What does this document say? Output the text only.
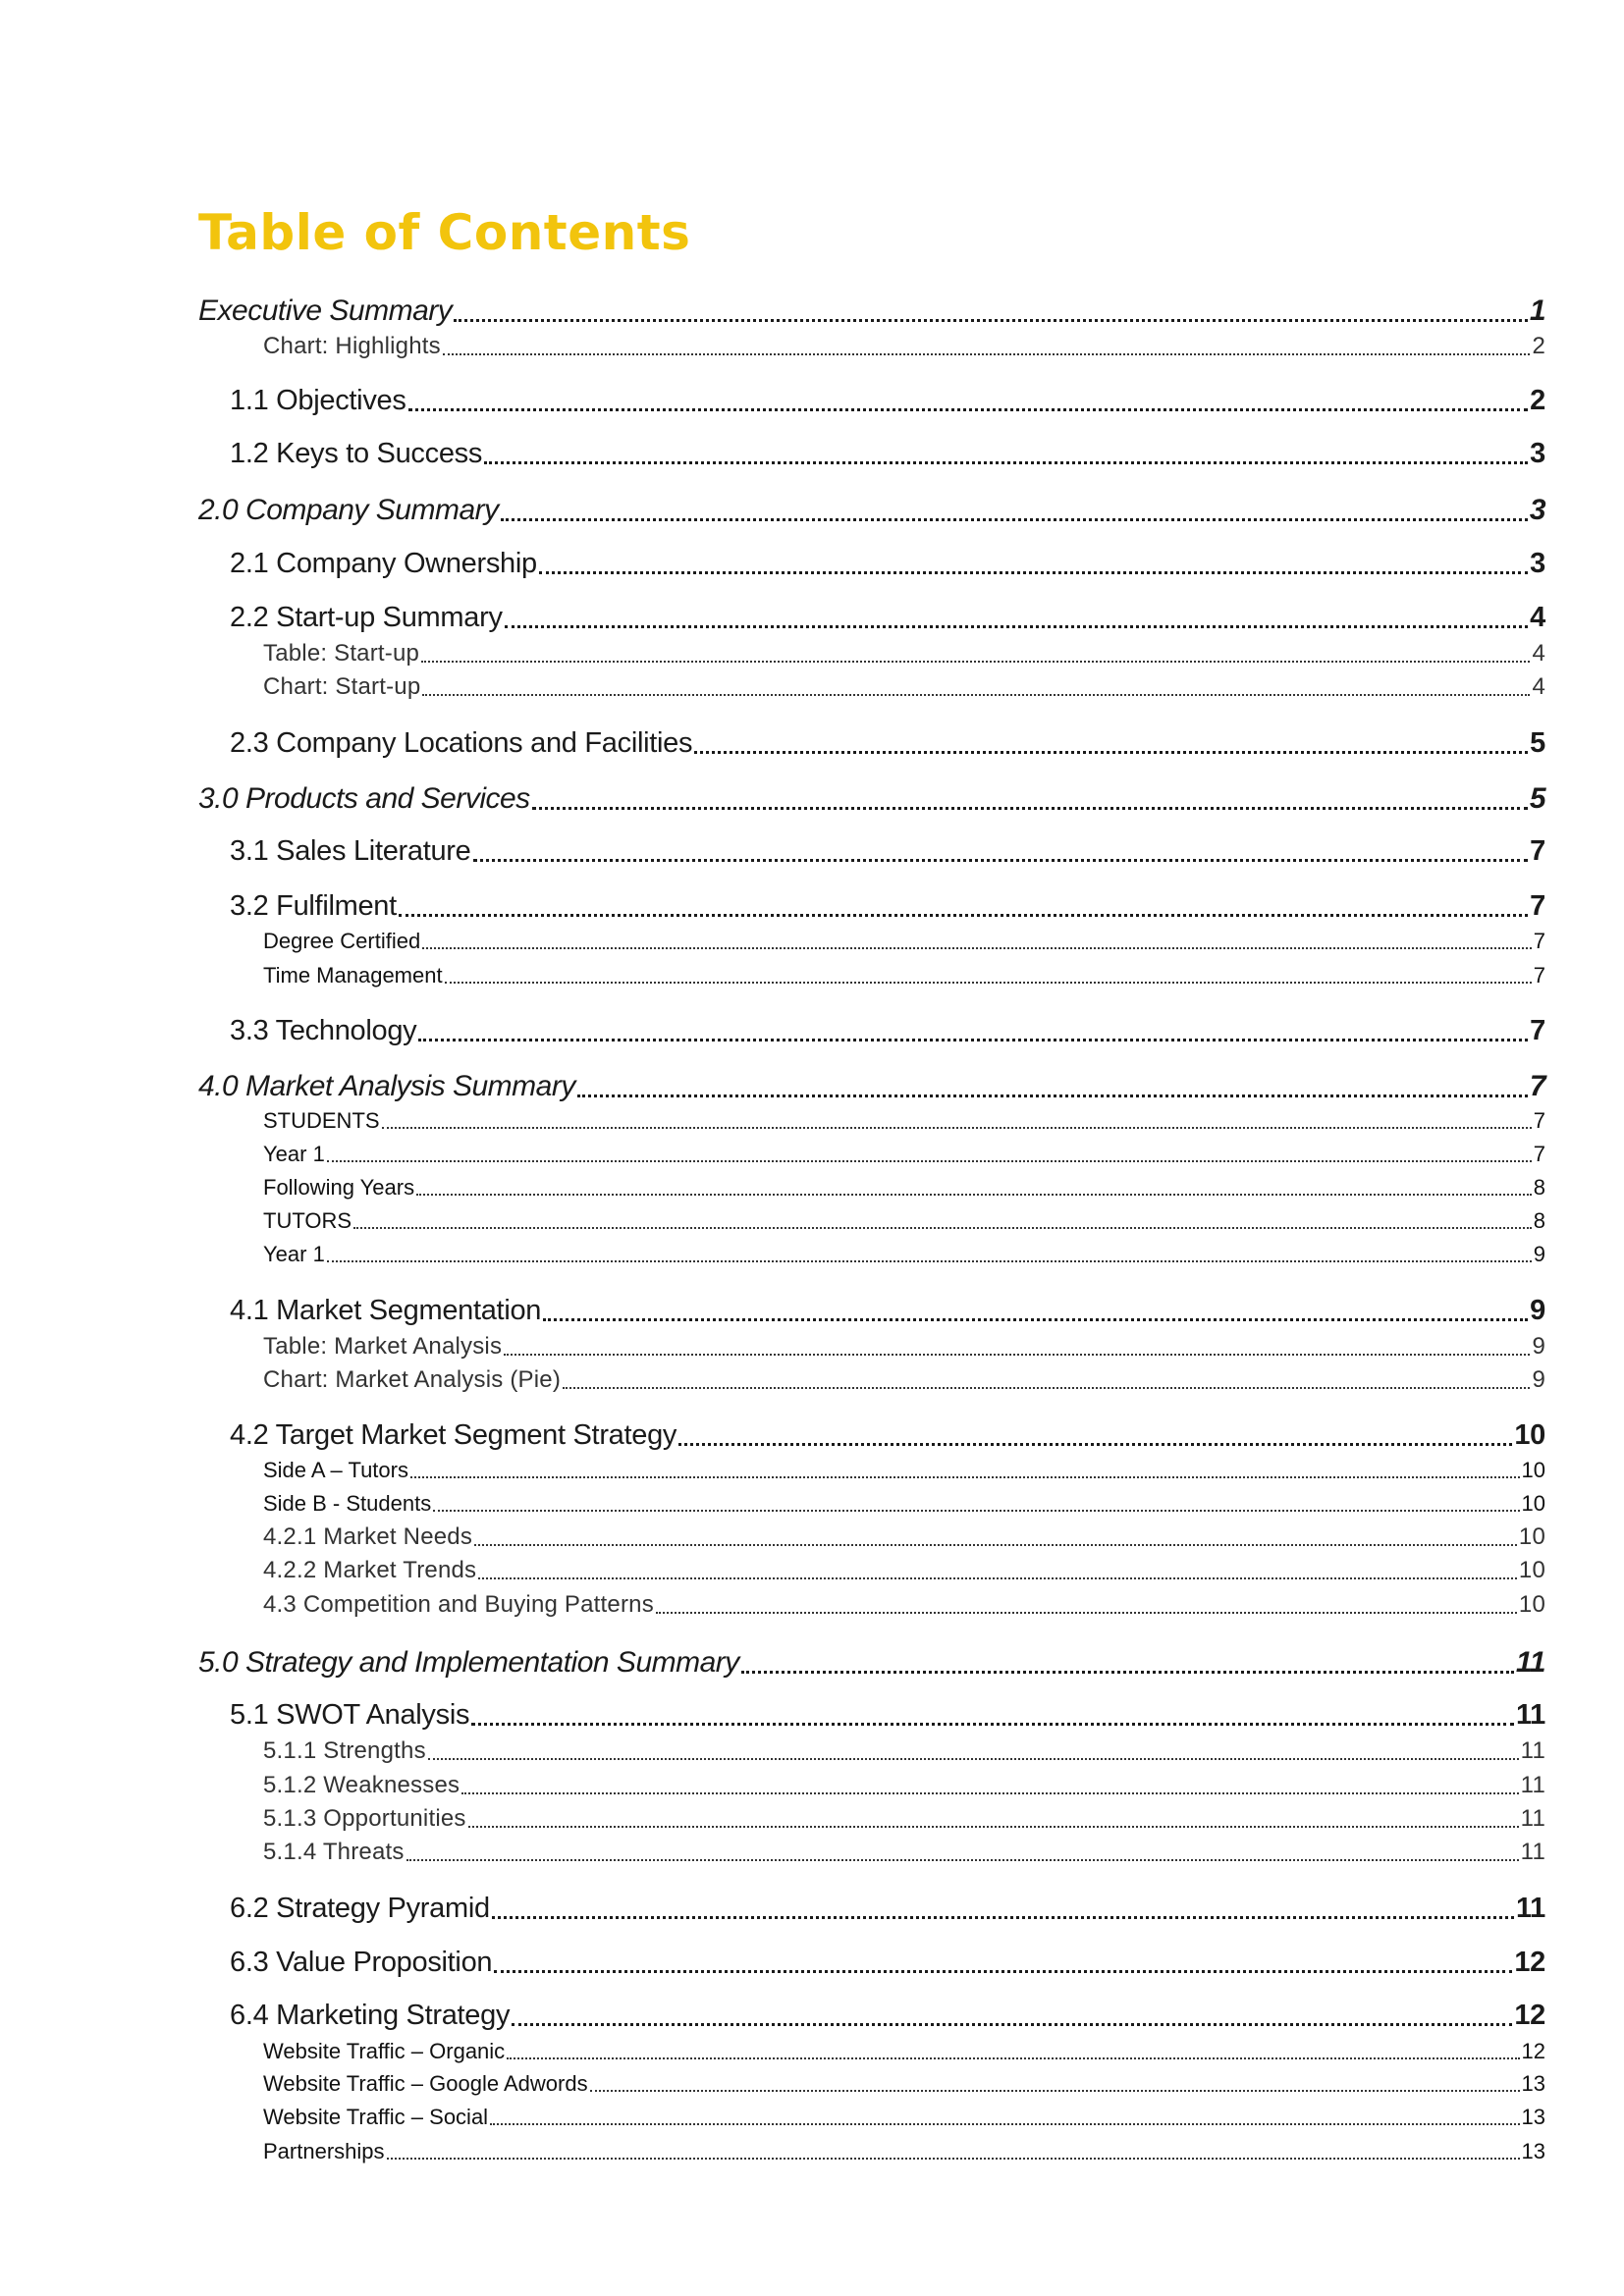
Table of Contents
Executive Summary	1
Chart: Highlights	2
1.1 Objectives	2
1.2 Keys to Success	3
2.0 Company Summary	3
2.1 Company Ownership	3
2.2 Start-up Summary	4
Table: Start-up	4
Chart: Start-up	4
2.3 Company Locations and Facilities	5
3.0 Products and Services	5
3.1 Sales Literature	7
3.2 Fulfilment	7
Degree Certified	7
Time Management	7
3.3 Technology	7
4.0 Market Analysis Summary	7
STUDENTS	7
Year 1	7
Following Years	8
TUTORS	8
Year 1	9
4.1 Market Segmentation	9
Table: Market Analysis	9
Chart: Market Analysis (Pie)	9
4.2 Target Market Segment Strategy	10
Side A – Tutors	10
Side B - Students	10
4.2.1 Market Needs	10
4.2.2 Market Trends	10
4.3 Competition and Buying Patterns	10
5.0 Strategy and Implementation Summary	11
5.1 SWOT Analysis	11
5.1.1 Strengths	11
5.1.2 Weaknesses	11
5.1.3 Opportunities	11
5.1.4 Threats	11
6.2 Strategy Pyramid	11
6.3 Value Proposition	12
6.4 Marketing Strategy	12
Website Traffic – Organic	12
Website Traffic – Google Adwords	13
Website Traffic – Social	13
Partnerships	13
